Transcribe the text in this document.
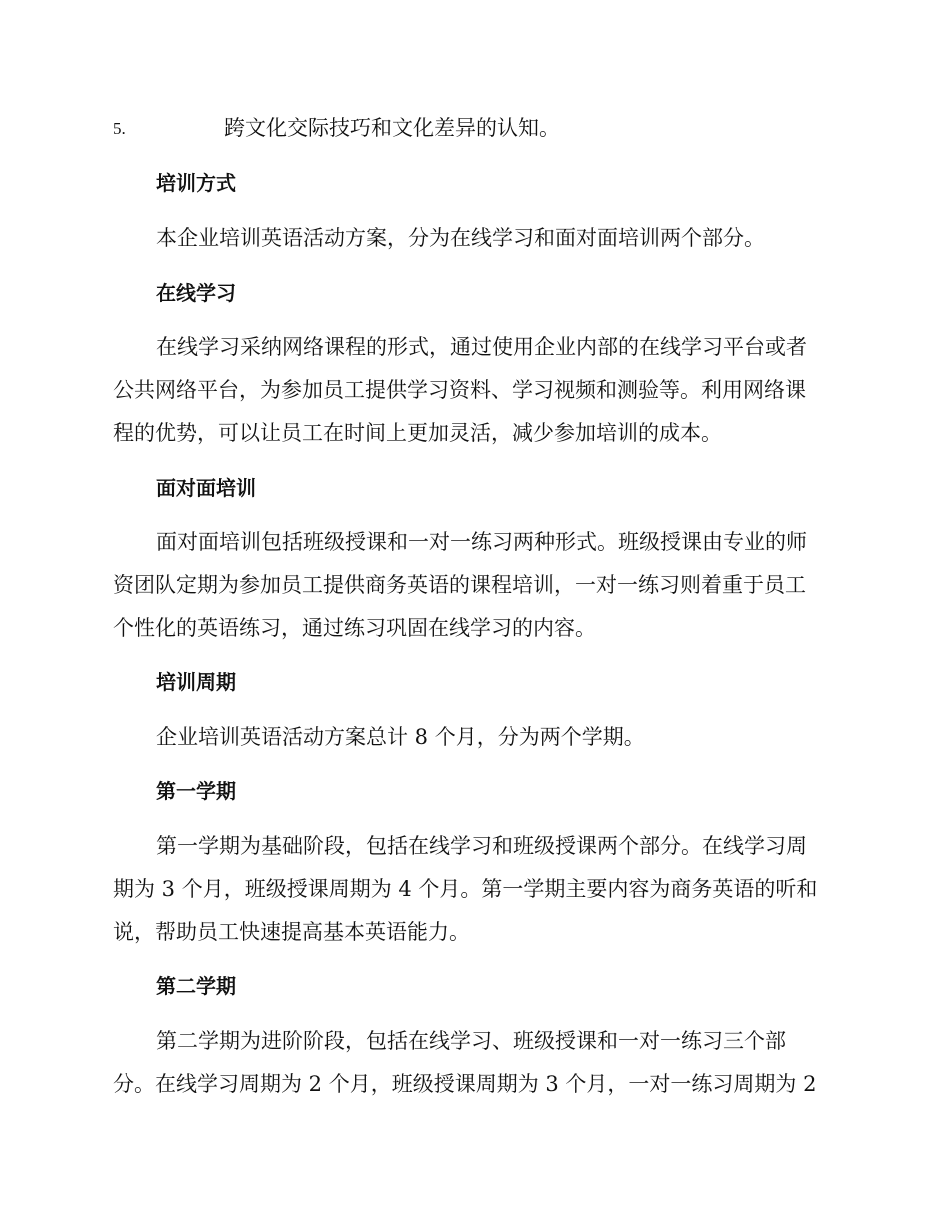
5.	跨文化交际技巧和文化差异的认知。
培训方式
本企业培训英语活动方案，分为在线学习和面对面培训两个部分。
在线学习
在线学习采纳网络课程的形式，通过使用企业内部的在线学习平台或者
公共网络平台，为参加员工提供学习资料、学习视频和测验等。利用网络课
程的优势，可以让员工在时间上更加灵活，减少参加培训的成本。
面对面培训
面对面培训包括班级授课和一对一练习两种形式。班级授课由专业的师
资团队定期为参加员工提供商务英语的课程培训，一对一练习则着重于员工
个性化的英语练习，通过练习巩固在线学习的内容。
培训周期
企业培训英语活动方案总计 8 个月，分为两个学期。
第一学期
第一学期为基础阶段，包括在线学习和班级授课两个部分。在线学习周
期为 3 个月，班级授课周期为 4 个月。第一学期主要内容为商务英语的听和
说，帮助员工快速提高基本英语能力。
第二学期
第二学期为进阶阶段，包括在线学习、班级授课和一对一练习三个部
分。在线学习周期为 2 个月，班级授课周期为 3 个月，一对一练习周期为 2
